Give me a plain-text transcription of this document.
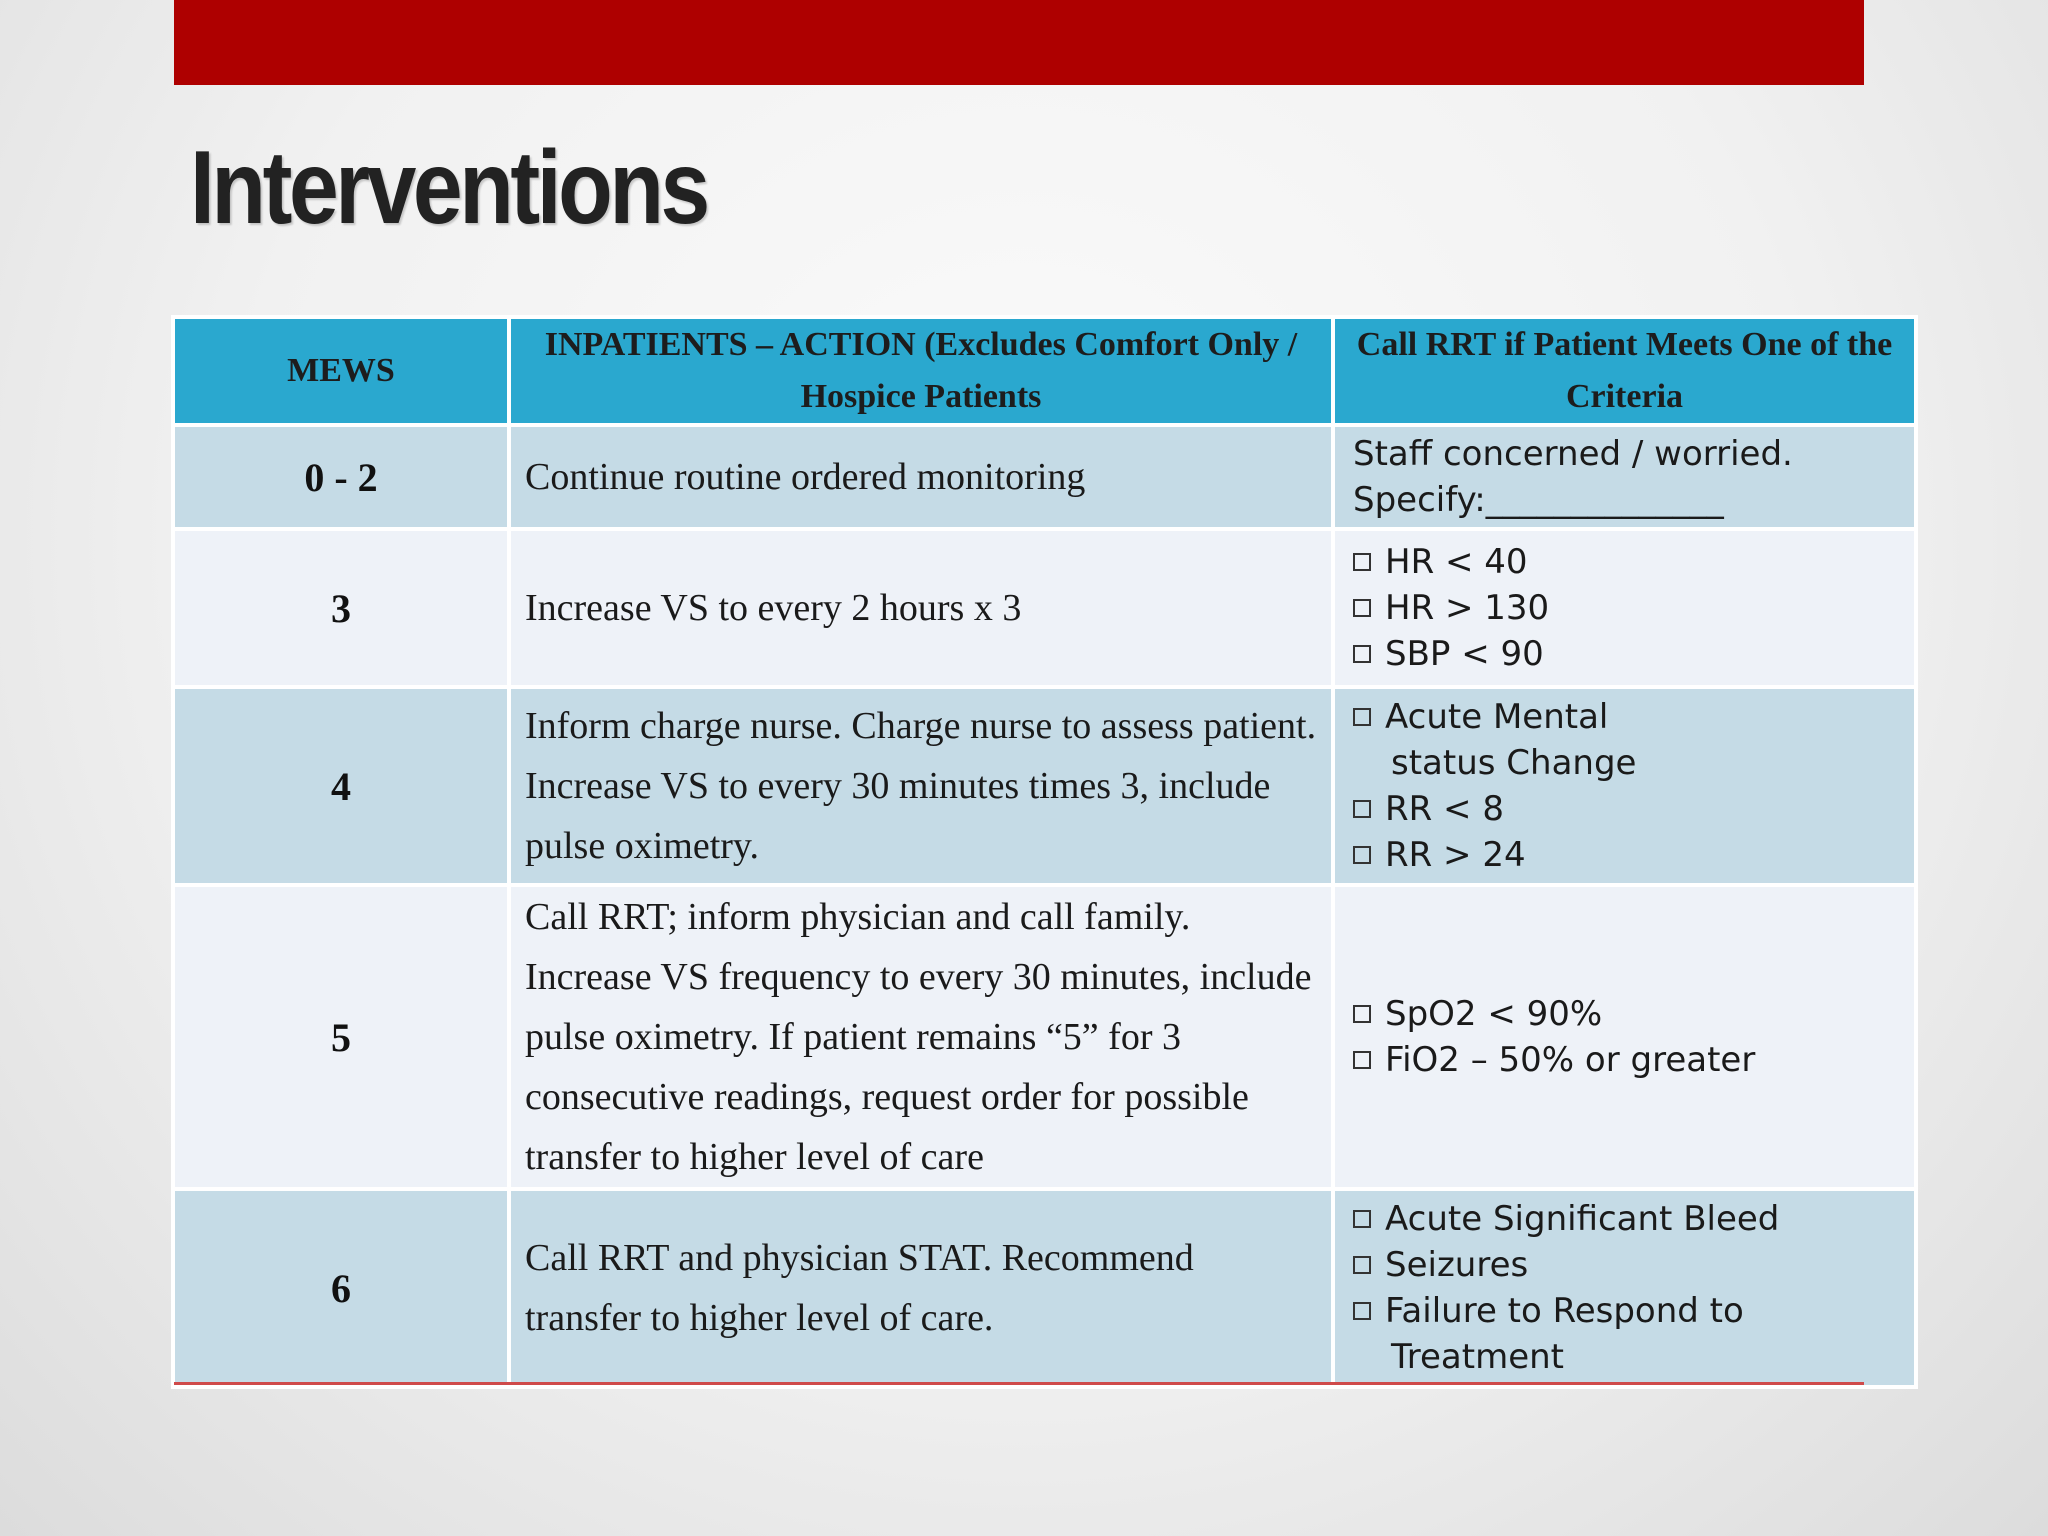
Interventions
MEWS	INPATIENTS – ACTION (Excludes Comfort Only / Hospice Patients	Call RRT if Patient Meets One of the Criteria
0 - 2	Continue routine ordered monitoring	Staff concerned / worried. Specify:______________
3	Increase VS to every 2 hours x 3	HR < 40
HR > 130
SBP < 90

4	Inform charge nurse. Charge nurse to assess patient. Increase VS to every 30 minutes times 3, include pulse oximetry.	Acute Mental status Change
RR < 8
RR > 24

5	Call RRT; inform physician and call family. Increase VS frequency to every 30 minutes, include pulse oximetry. If patient remains “5” for 3 consecutive readings, request order for possible transfer to higher level of care	SpO2 < 90%
FiO2 – 50% or greater

6	Call RRT and physician STAT. Recommend transfer to higher level of care.	Acute Significant Bleed
Seizures
Failure to Respond to Treatment
